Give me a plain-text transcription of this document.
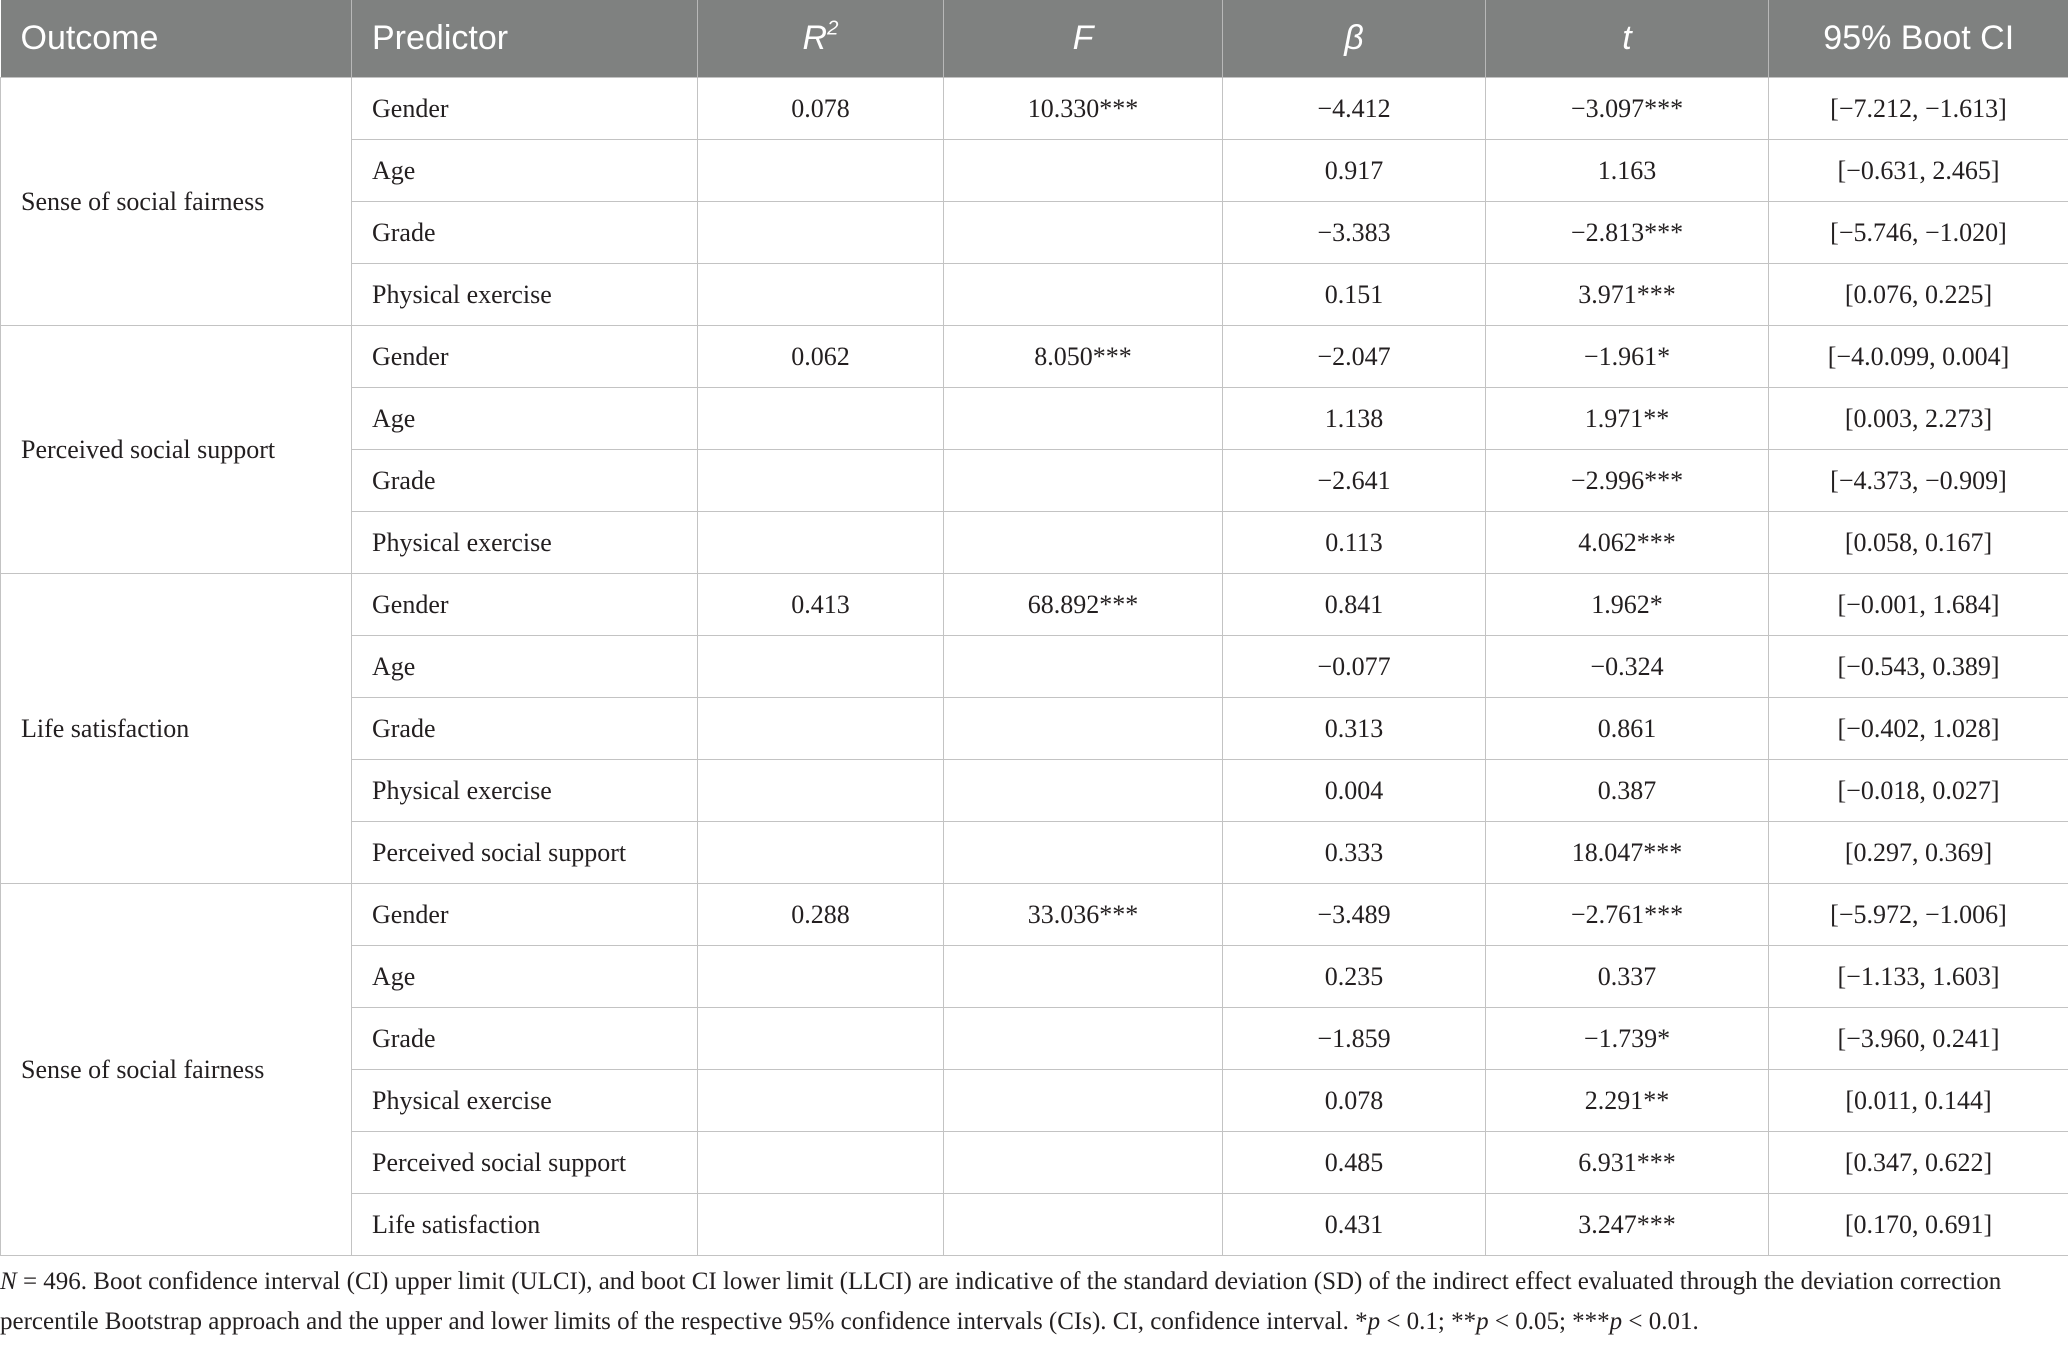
Outcome	Predictor	$R^2$	F	β	t	95% Boot CI
Sense of social fairness	Gender	0.078	10.330***	−4.412	−3.097***	[−7.212, −1.613]
	Age			0.917	1.163	[−0.631, 2.465]
	Grade			−3.383	−2.813***	[−5.746, −1.020]
	Physical exercise			0.151	3.971***	[0.076, 0.225]
Perceived social support	Gender	0.062	8.050***	−2.047	−1.961*	[−4.0.099, 0.004]
	Age			1.138	1.971**	[0.003, 2.273]
	Grade			−2.641	−2.996***	[−4.373, −0.909]
	Physical exercise			0.113	4.062***	[0.058, 0.167]
Life satisfaction	Gender	0.413	68.892***	0.841	1.962*	[−0.001, 1.684]
	Age			−0.077	−0.324	[−0.543, 0.389]
	Grade			0.313	0.861	[−0.402, 1.028]
	Physical exercise			0.004	0.387	[−0.018, 0.027]
	Perceived social support			0.333	18.047***	[0.297, 0.369]
Sense of social fairness	Gender	0.288	33.036***	−3.489	−2.761***	[−5.972, −1.006]
	Age			0.235	0.337	[−1.133, 1.603]
	Grade			−1.859	−1.739*	[−3.960, 0.241]
	Physical exercise			0.078	2.291**	[0.011, 0.144]
	Perceived social support			0.485	6.931***	[0.347, 0.622]
	Life satisfaction			0.431	3.247***	[0.170, 0.691]
N = 496. Boot confidence interval (CI) upper limit (ULCI), and boot CI lower limit (LLCI) are indicative of the standard deviation (SD) of the indirect effect evaluated through the deviation correction percentile Bootstrap approach and the upper and lower limits of the respective 95% confidence intervals (CIs). CI, confidence interval. *p < 0.1; **p < 0.05; ***p < 0.01.
